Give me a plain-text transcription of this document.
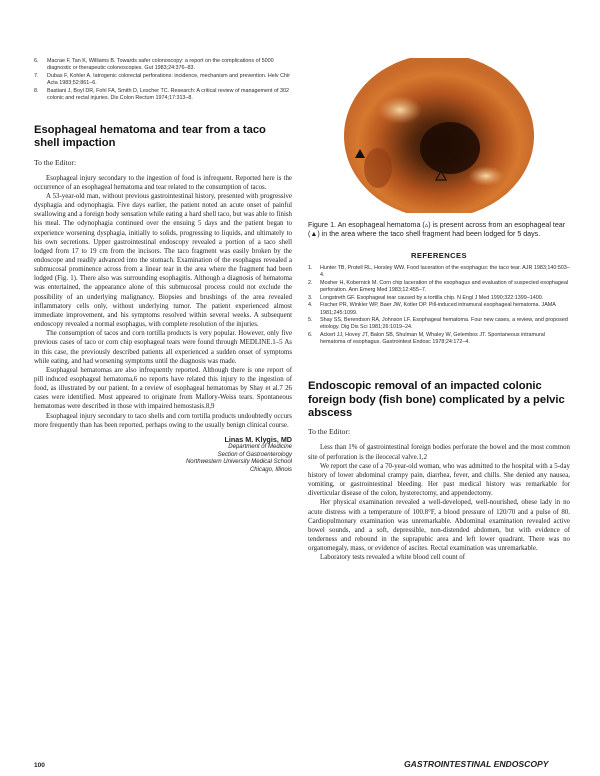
6. Macrae F, Tan K, Williams B. Towards safer colonoscopy: a report on the complications of 5000 diagnostic or therapeutic colonoscopies. Gut 1983;24:376–83.
7. Dubas F, Kohler A. Iatrogenic colorectal perforations: incidence, mechanism and prevention. Helv Chir Acta 1983;52:861–6.
8. Bastiani J, Boyl DR, Fohl FA, Smith D, Lescher TC. Research: A critical review of management of 302 colonic and rectal injuries. Dis Colon Rectum 1974;17:313–8.
Esophageal hematoma and tear from a taco shell impaction
To the Editor:

Esophageal injury secondary to the ingestion of food is infrequent. Reported here is the occurrence of an esophageal hematoma and tear related to the consumption of tacos.

A 53-year-old man, without previous gastrointestinal history, presented with progressive dysphagia and odynophagia. Five days earlier, the patient noted an acute onset of painful swallowing and a foreign body sensation while eating a hard shell taco, but was able to finish his meal. The odynophagia continued over the ensuing 5 days and the patient began to experience worsening dysphagia, initially to solids, progressing to liquids, and ultimately to his own secretions. Upper gastrointestinal endoscopy revealed a portion of a taco shell lodged from 17 to 19 cm from the incisors. The taco fragment was easily broken by the endoscope and readily advanced into the stomach. Examination of the esophagus revealed a submucosal prominence across from a linear tear in the area where the fragment had been lodged (Fig. 1). There also was surrounding esophagitis. Although a diagnosis of hematoma was entertained, the appearance alone of this submucosal process could not exclude the possibility of an underlying malignancy. Biopsies and brushings of the area revealed inflammatory cells only, without underlying tumor. The patient experienced almost immediate improvement, and his symptoms resolved within several weeks. A subsequent endoscopy revealed a normal esophagus, with complete resolution of the injuries.

The consumption of tacos and corn tortilla products is very popular. However, only five previous cases of taco or corn chip esophageal tears were found through MEDLINE.1–5 As in this case, the previously described patients all experienced a sudden onset of symptoms while eating, and had worsening symptoms until the diagnosis was made.

Esophageal hematomas are also infrequently reported. Although there is one report of pill induced esophageal hematoma,6 no reports have related this injury to the ingestion of food, as illustrated by our patient. In a review of esophageal hematomas by Shay et al.7 26 cases were identified. Most appeared to originate from Mallory-Weiss tears. Spontaneous hematomas were described in those with impaired hemostasis.8,9

Esophageal injury secondary to taco shells and corn tortilla products undoubtedly occurs more frequently than has been reported, perhaps owing to the usually benign clinical course.

Linas M. Klygis, MD
Department of Medicine
Section of Gastroenterology
Northwestern University Medical School
Chicago, Illinois
Figure 1. An esophageal hematoma (▵) is present across from an esophageal tear (▲) in the area where the taco shell fragment had been lodged for 5 days.
REFERENCES
1. Hunter TB, Protell RL, Horsley WW. Food laceration of the esophagus: the taco tear. AJR 1983;140:503–4.
2. Mosher H, Kobernick M. Corn chip laceration of the esophagus and evaluation of suspected esophageal perforation. Ann Emerg Med 1983;12:455–7.
3. Longstreth GF. Esophageal tear caused by a tortilla chip. N Engl J Med 1990;322:1399–1400.
4. Fischer PR, Winkler WP, Baer JW, Kotler DP. Pill-induced intramural esophageal hematoma. JAMA 1981;245:1099.
5. Shay SS, Berendson RA, Johnson LF. Esophageal hematoma. Four new cases, a review, and proposed etiology. Dig Dis Sci 1981;26:1019–24.
6. Ackert JJ, Hovey JT, Balon SB, Shulman M, Whaley W, Gelembos JT. Spontaneous intramural hematoma of esophagus. Gastrointest Endosc 1978;24:172–4.
Endoscopic removal of an impacted colonic foreign body (fish bone) complicated by a pelvic abscess
To the Editor:

Less than 1% of gastrointestinal foreign bodies perforate the bowel and the most common site of perforation is the ileocecal valve.1,2

We report the case of a 70-year-old woman, who was admitted to the hospital with a 5-day history of lower abdominal crampy pain, diarrhea, fever, and chills. She denied any nausea, vomiting, or gastrointestinal bleeding. Her past medical history was remarkable for diverticular disease of the colon, hysterectomy, and appendectomy.

Her physical examination revealed a well-developed, well-nourished, obese lady in no acute distress with a temperature of 100.8°F, a blood pressure of 120/70 and a pulse of 80. Cardiopulmonary examination was unremarkable. Abdominal examination revealed active bowel sounds, and a soft, depressible, non-distended abdomen, but with evidence of tenderness and rebound in the suprapubic area and left lower quadrant. There was no organomegaly, mass, or evidence of ascites. Rectal examination was unremarkable.

Laboratory tests revealed a white blood cell count of

100	GASTROINTESTINAL ENDOSCOPY
